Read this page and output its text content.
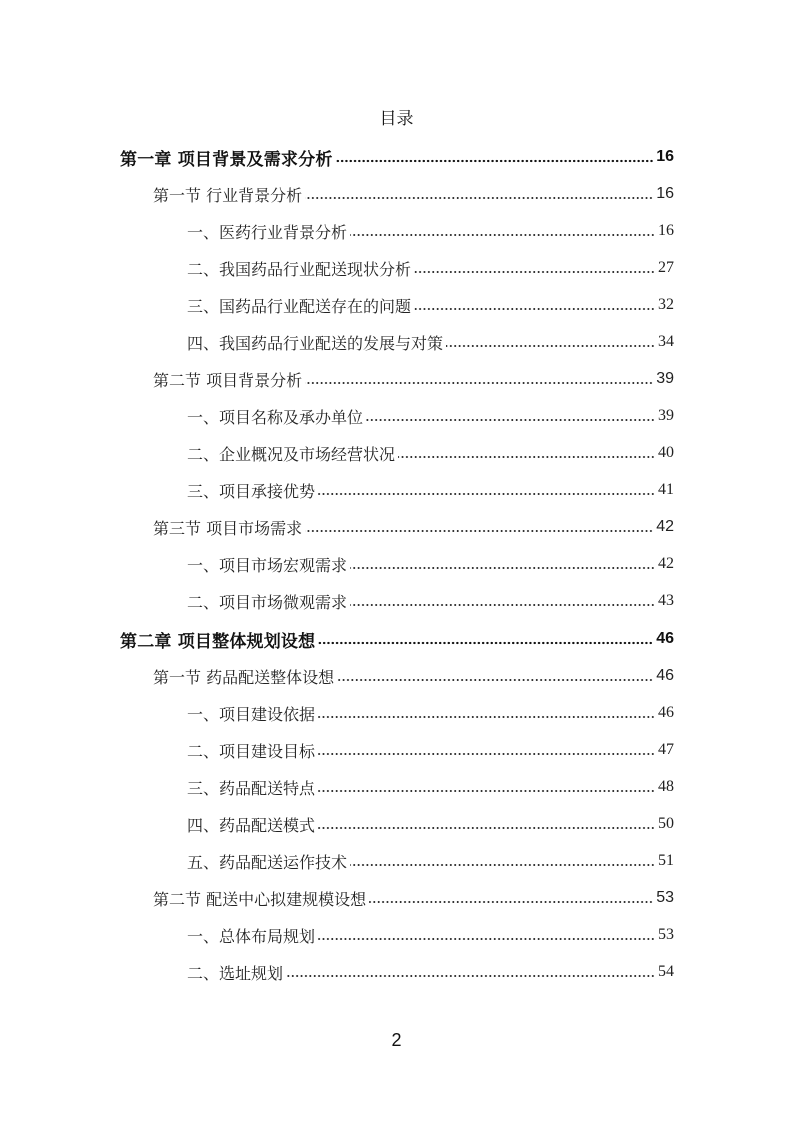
目录
第一章 项目背景及需求分析	16
第一节 行业背景分析	16
一、医药行业背景分析	16
二、我国药品行业配送现状分析	27
三、国药品行业配送存在的问题	32
四、我国药品行业配送的发展与对策	34
第二节 项目背景分析	39
一、项目名称及承办单位	39
二、企业概况及市场经营状况	40
三、项目承接优势	41
第三节 项目市场需求	42
一、项目市场宏观需求	42
二、项目市场微观需求	43
第二章 项目整体规划设想	46
第一节 药品配送整体设想	46
一、项目建设依据	46
二、项目建设目标	47
三、药品配送特点	48
四、药品配送模式	50
五、药品配送运作技术	51
第二节 配送中心拟建规模设想	53
一、总体布局规划	53
二、选址规划	54
2
